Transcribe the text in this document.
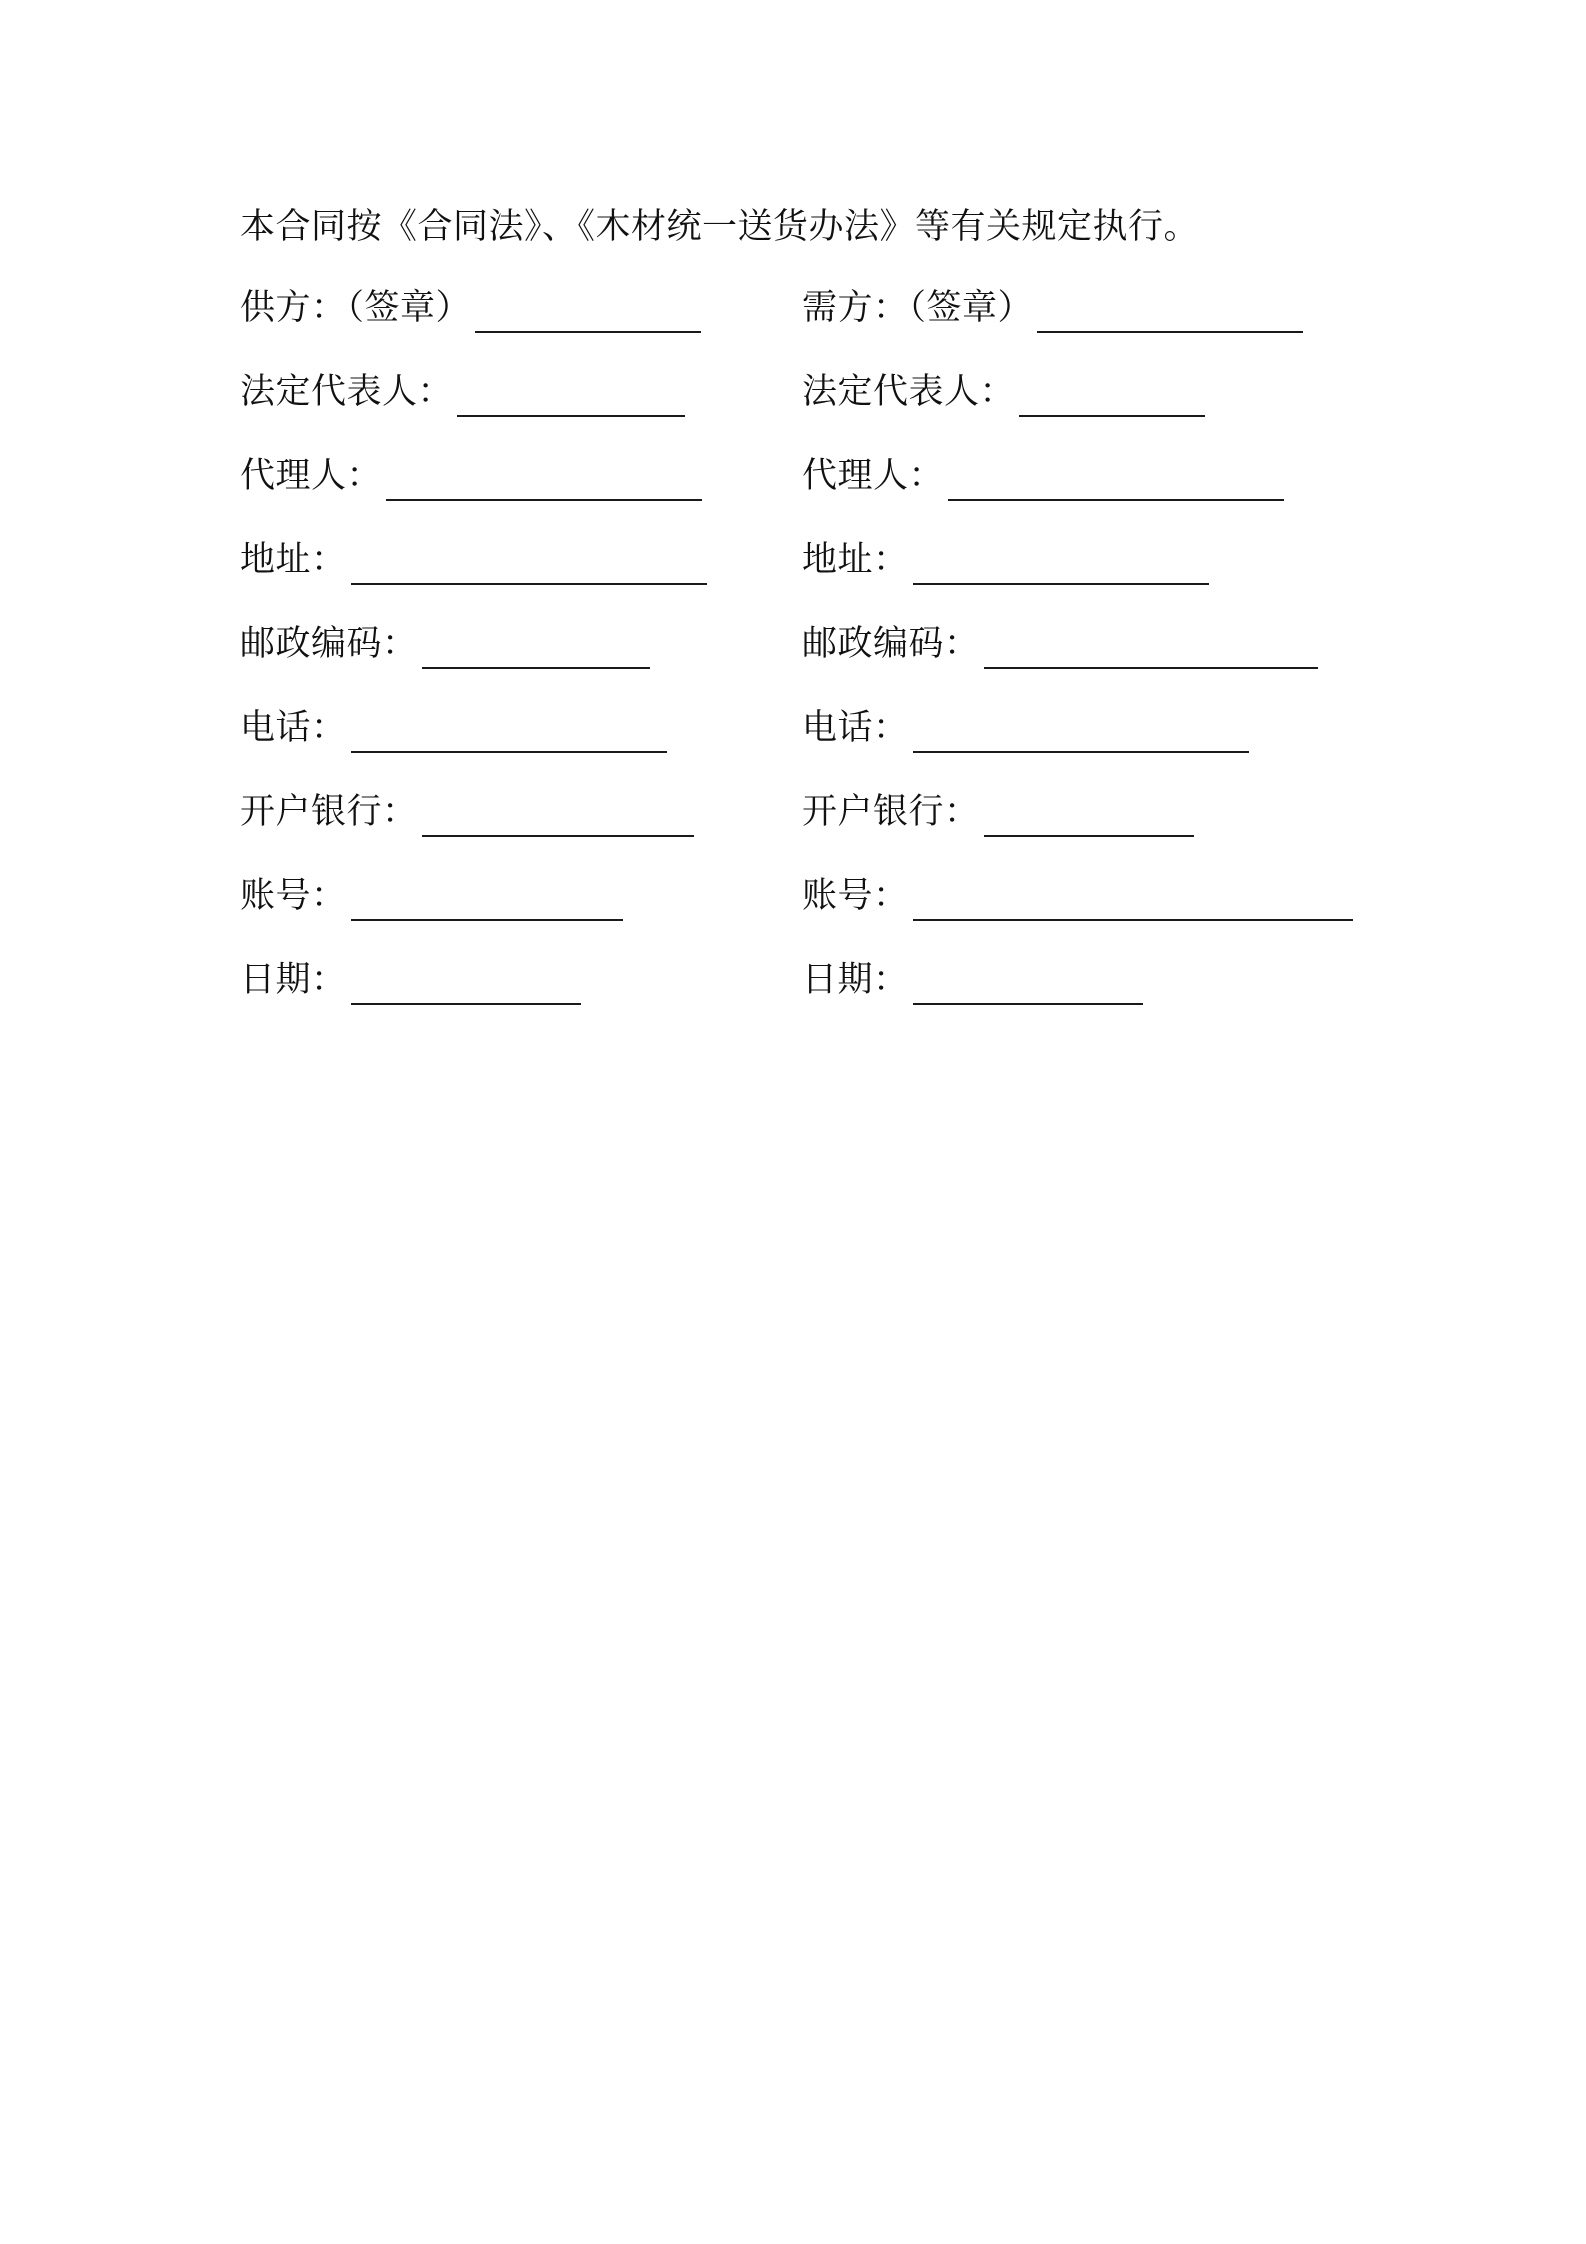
本合同按《合同法》、《木材统一送货办法》等有关规定执行。
供方：（签章）	需方：（签章）
法定代表人：	法定代表人：
代理人：	代理人：
地址：	地址：
邮政编码：	邮政编码：
电话：	电话：
开户银行：	开户银行：
账号：	账号：
日期：	日期：
